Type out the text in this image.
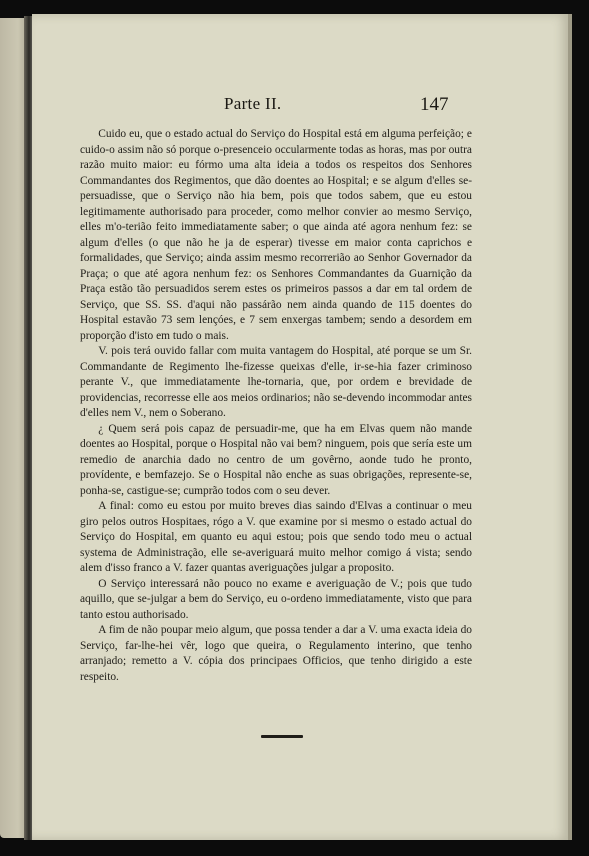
Parte II.	147

Cuido eu, que o estado actual do Serviço do Hospital está em alguma perfeição; e cuido-o assim não só porque o-presenceio occularmente todas as horas, mas por outra razão muito maior: eu fórmo uma alta ideia a todos os respeitos dos Senhores Commandantes dos Regimentos, que dão doentes ao Hospital; e se algum d'elles se-persuadisse, que o Serviço não hia bem, pois que todos sabem, que eu estou legitimamente authorisado para proceder, como melhor convier ao mesmo Serviço, elles m'o-terião feito immediatamente saber; o que ainda até agora nenhum fez: se algum d'elles (o que não he ja de esperar) tivesse em maior conta caprichos e formalidades, que Serviço; ainda assim mesmo recorrerião ao Senhor Governador da Praça; o que até agora nenhum fez: os Senhores Commandantes da Guarnição da Praça estão tão persuadidos serem estes os primeiros passos a dar em tal ordem de Serviço, que SS. SS. d'aqui não passárão nem ainda quando de 115 doentes do Hospital estavão 73 sem lençóes, e 7 sem enxergas tambem; sendo a desordem em proporção d'isto em tudo o mais.

V. pois terá ouvido fallar com muita vantagem do Hospital, até porque se um Sr. Commandante de Regimento lhe-fizesse queixas d'elle, ir-se-hia fazer criminoso perante V., que immediatamente lhe-tornaria, que, por ordem e brevidade de providencias, recorresse elle aos meios ordinarios; não se-devendo incommodar antes d'elles nem V., nem o Soberano.

¿ Quem será pois capaz de persuadir-me, que ha em Elvas quem não mande doentes ao Hospital, porque o Hospital não vai bem? ninguem, pois que sería este um remedio de anarchia dado no centro de um govêrno, aonde tudo he pronto, provídente, e bemfazejo. Se o Hospital não enche as suas obrigações, represente-se, ponha-se, castigue-se; cumprão todos com o seu dever.

A final: como eu estou por muito breves dias saindo d'Elvas a continuar o meu giro pelos outros Hospitaes, rógo a V. que examine por si mesmo o estado actual do Serviço do Hospital, em quanto eu aqui estou; pois que sendo todo meu o actual systema de Administração, elle se-averiguará muito melhor comigo á vista; sendo alem d'isso franco a V. fazer quantas averiguações julgar a proposito.

O Serviço interessará não pouco no exame e averiguação de V.; pois que tudo aquillo, que se-julgar a bem do Serviço, eu o-ordeno immediatamente, visto que para tanto estou authorisado.

A fim de não poupar meio algum, que possa tender a dar a V. uma exacta ideia do Serviço, far-lhe-hei vêr, logo que queira, o Regulamento interino, que tenho arranjado; remetto a V. cópia dos principaes Officios, que tenho dirigido a este respeito.
